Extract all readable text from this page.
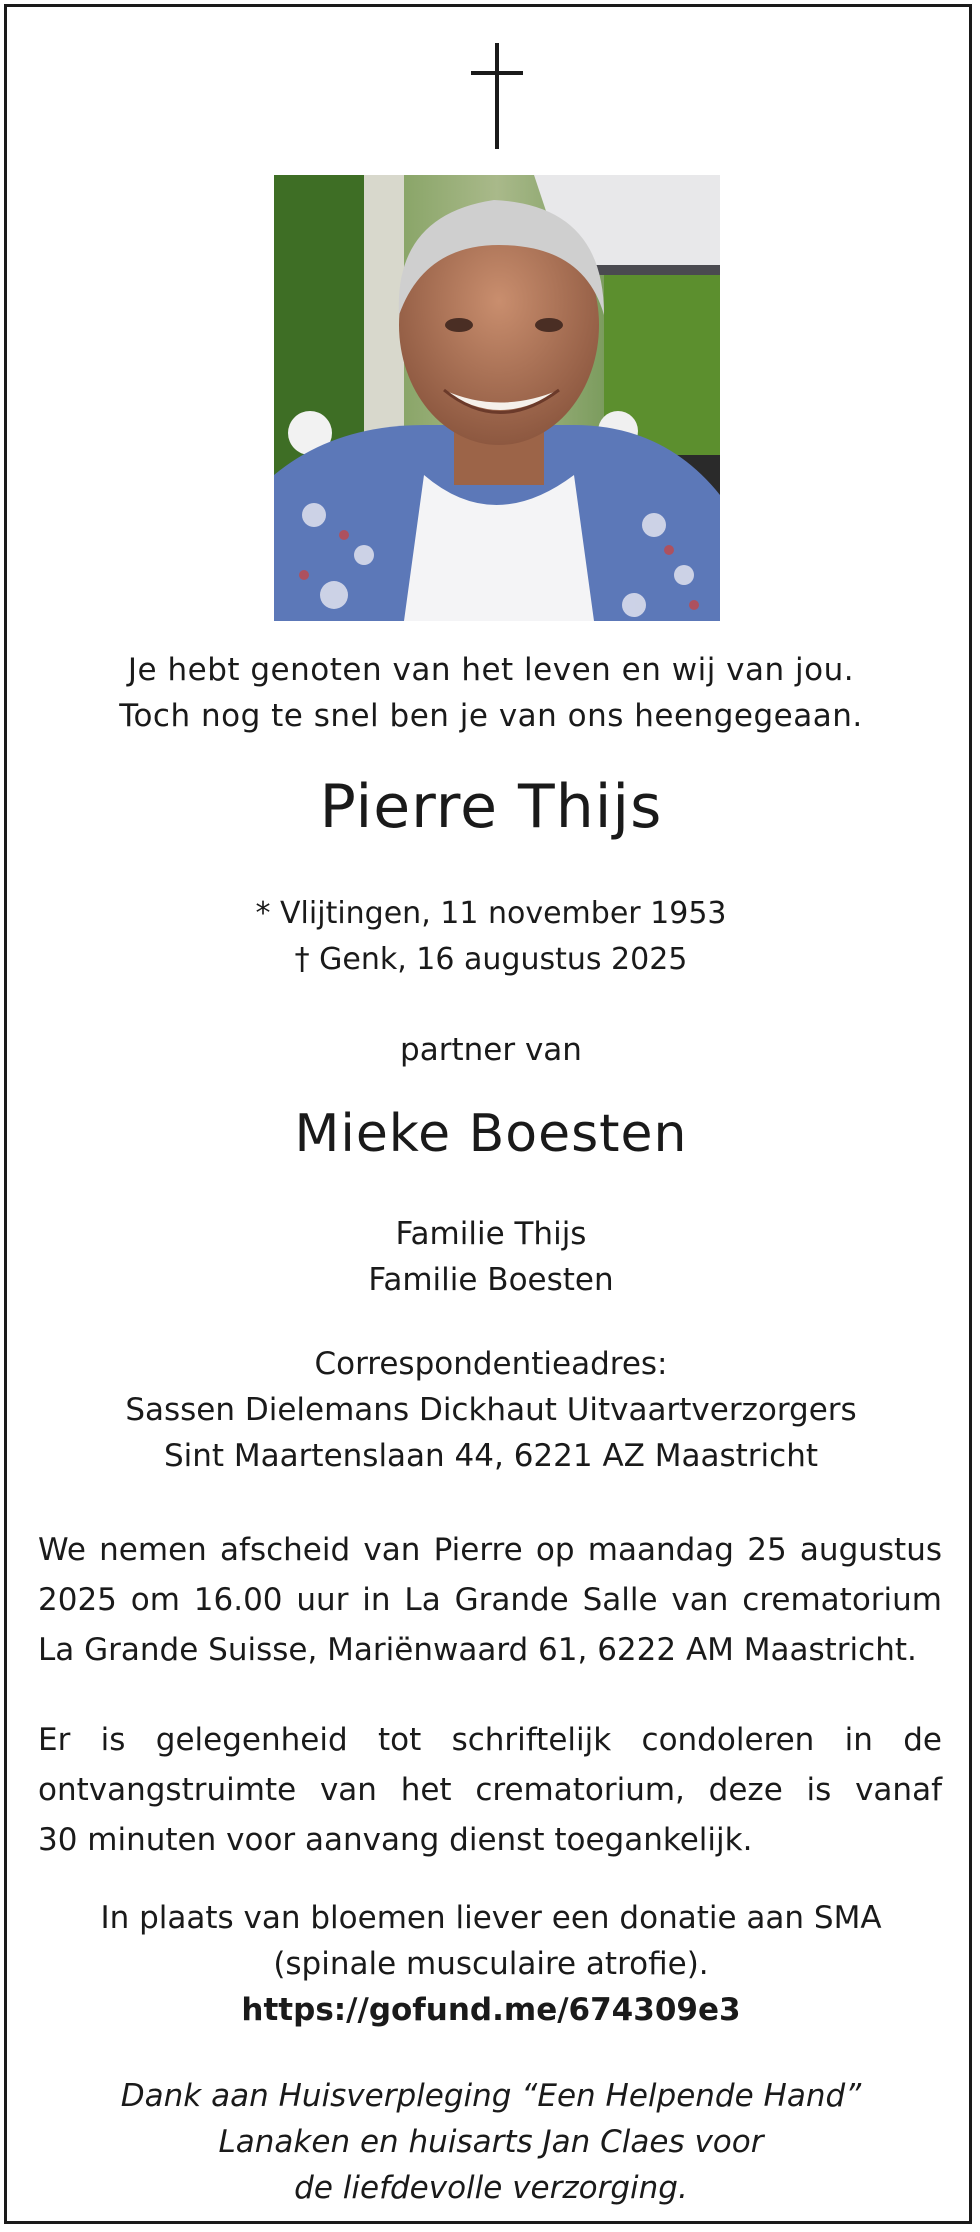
Je hebt genoten van het leven en wij van jou.
Toch nog te snel ben je van ons heengegeaan.
Pierre Thijs
* Vlijtingen, 11 november 1953
† Genk, 16 augustus 2025
partner van
Mieke Boesten
Familie Thijs
Familie Boesten
Correspondentieadres:
Sassen Dielemans Dickhaut Uitvaartverzorgers
Sint Maartenslaan 44, 6221 AZ Maastricht
We nemen afscheid van Pierre op maandag 25 augustus
2025 om 16.00 uur in La Grande Salle van crematorium
La Grande Suisse, Mariënwaard 61, 6222 AM Maastricht.
Er is gelegenheid tot schriftelijk condoleren in de
ontvangstruimte van het crematorium, deze is vanaf
30 minuten voor aanvang dienst toegankelijk.
In plaats van bloemen liever een donatie aan SMA
(spinale musculaire atrofie).
https://gofund.me/674309e3
Dank aan Huisverpleging “Een Helpende Hand”
Lanaken en huisarts Jan Claes voor
de liefdevolle verzorging.
